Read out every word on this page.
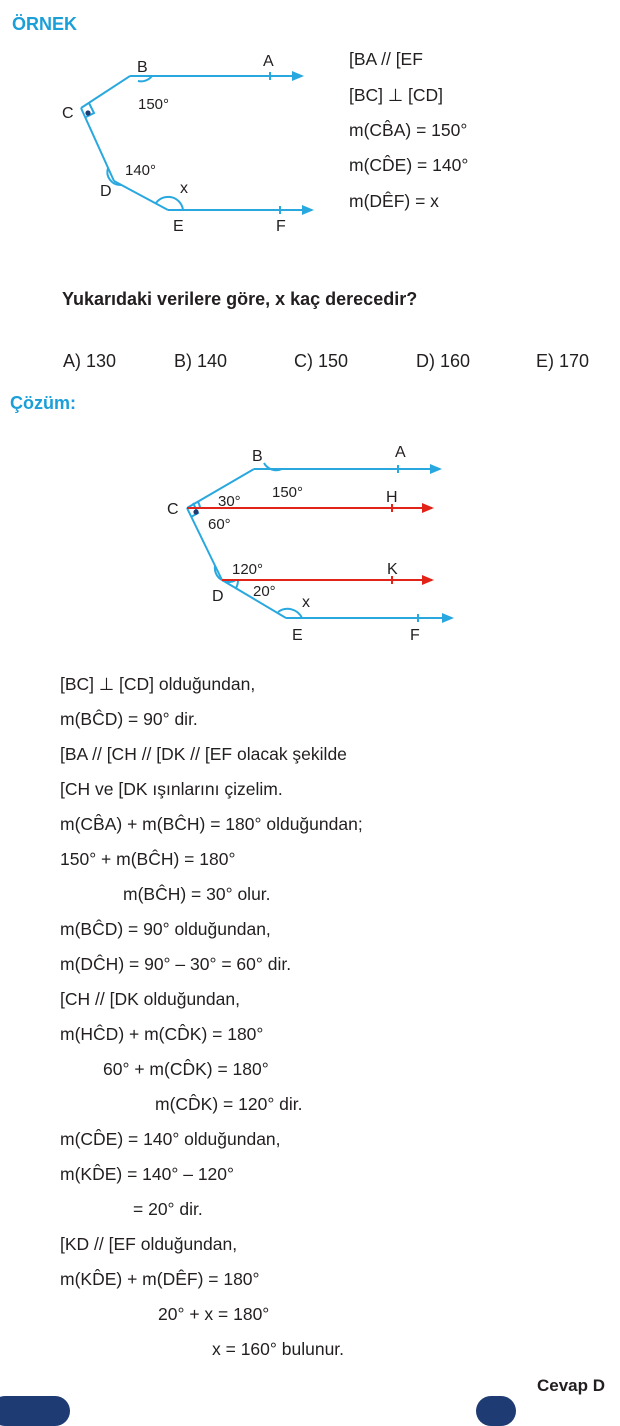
ÖRNEK
B	A
C
D
E	F
x
150°
140°
[BA // [EF
[BC] ⊥ [CD]
m(CB̂A) = 150°
m(CD̂E) = 140°
m(DÊF) = x
Yukarıdaki verilere göre, x kaç derecedir?
A) 130	B) 140	C) 150	D) 160	E) 170
Çözüm:
B	A
C
H
K
D
E	F
x
150°
30°
60°
120°
20°
[BC] ⊥ [CD] olduğundan,
m(BĈD) = 90° dir.
[BA // [CH // [DK // [EF olacak şekilde
[CH ve [DK ışınlarını çizelim.
m(CB̂A) + m(BĈH) = 180° olduğundan;
150° + m(BĈH) = 180°
m(BĈH) = 30° olur.
m(BĈD) = 90° olduğundan,
m(DĈH) = 90° – 30° = 60° dir.
[CH // [DK olduğundan,
m(HĈD) + m(CD̂K) = 180°
60° + m(CD̂K) = 180°
m(CD̂K) = 120° dir.
m(CD̂E) = 140° olduğundan,
m(KD̂E) = 140° – 120°
= 20° dir.
[KD // [EF olduğundan,
m(KD̂E) + m(DÊF) = 180°
20° + x = 180°
x = 160° bulunur.
Cevap D
